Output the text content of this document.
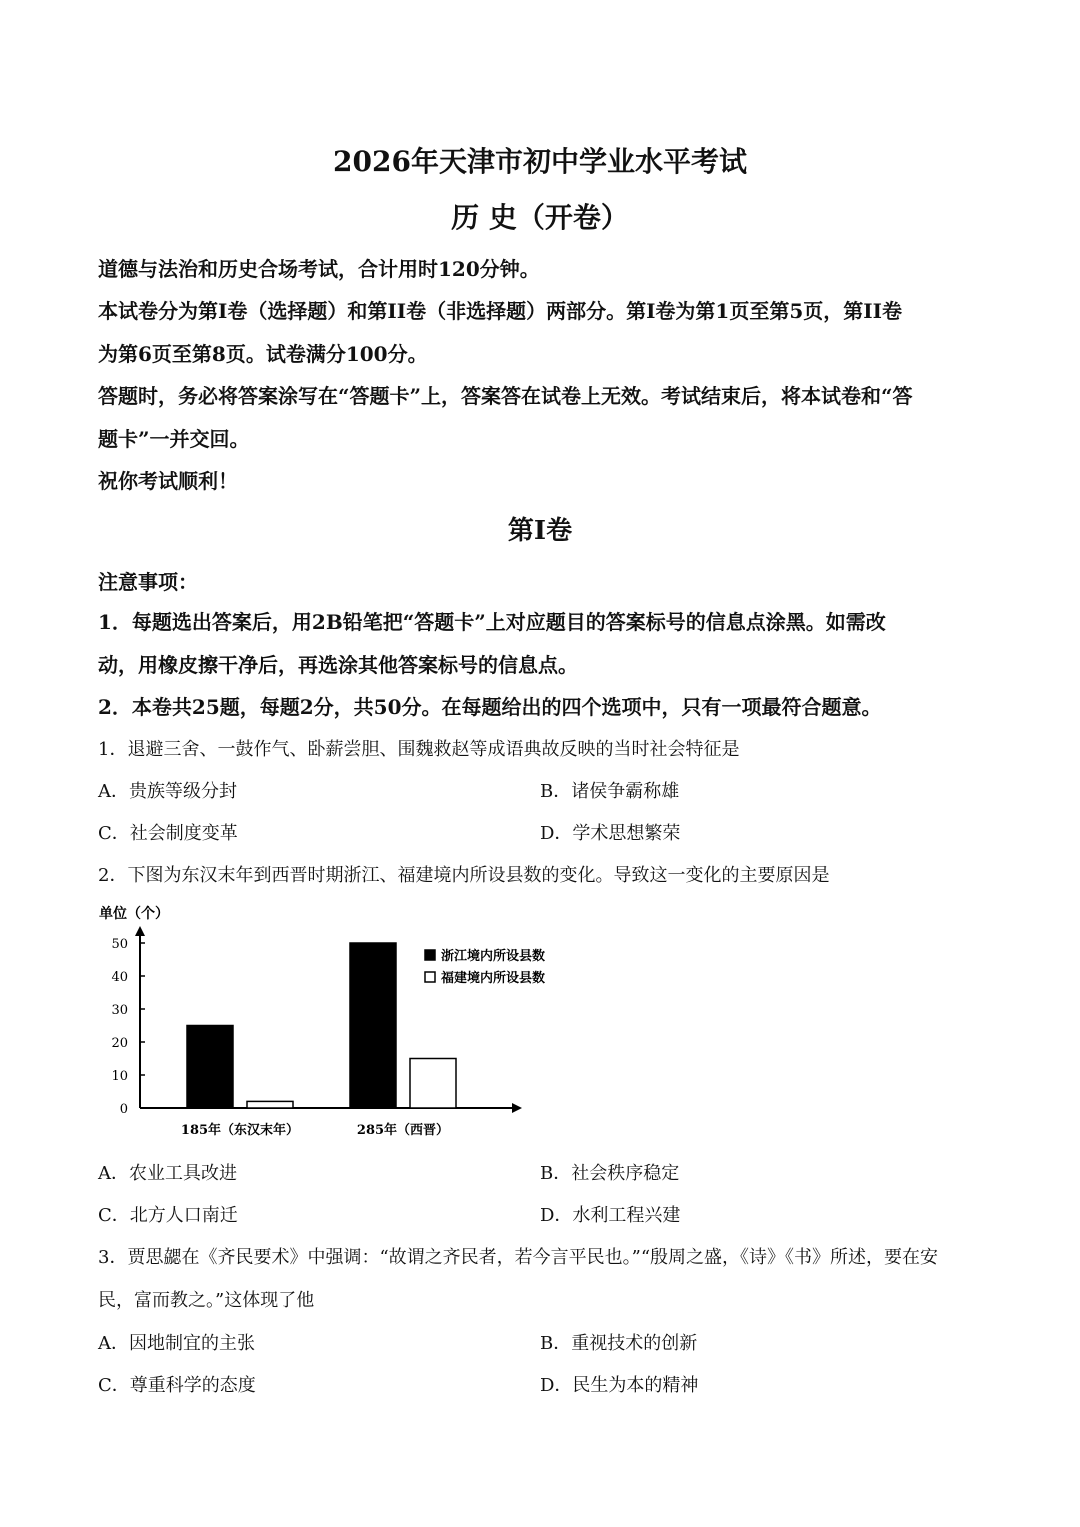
2026年天津市初中学业水平考试
历 史（开卷）
道德与法治和历史合场考试，合计用时120分钟。
本试卷分为第I卷（选择题）和第II卷（非选择题）两部分。第I卷为第1页至第5页，第II卷
为第6页至第8页。试卷满分100分。
答题时，务必将答案涂写在“答题卡”上，答案答在试卷上无效。考试结束后，将本试卷和“答
题卡”一并交回。
祝你考试顺利！
第I卷
注意事项：
1．每题选出答案后，用2B铅笔把“答题卡”上对应题目的答案标号的信息点涂黑。如需改
动，用橡皮擦干净后，再选涂其他答案标号的信息点。
2．本卷共25题，每题2分，共50分。在每题给出的四个选项中，只有一项最符合题意。
1．退避三舍、一鼓作气、卧薪尝胆、围魏救赵等成语典故反映的当时社会特征是
A．贵族等级分封	B．诸侯争霸称雄
C．社会制度变革	D．学术思想繁荣
2．下图为东汉末年到西晋时期浙江、福建境内所设县数的变化。导致这一变化的主要原因是
单位（个）
0
10
20
30
40
50
185年（东汉末年）	285年（西晋）
浙江境内所设县数
福建境内所设县数
A．农业工具改进	B．社会秩序稳定
C．北方人口南迁	D．水利工程兴建
3．贾思勰在《齐民要术》中强调：“故谓之齐民者，若今言平民也。”“殷周之盛，《诗》《书》所述，要在安
民，富而教之。”这体现了他
A．因地制宜的主张	B．重视技术的创新
C．尊重科学的态度	D．民生为本的精神
